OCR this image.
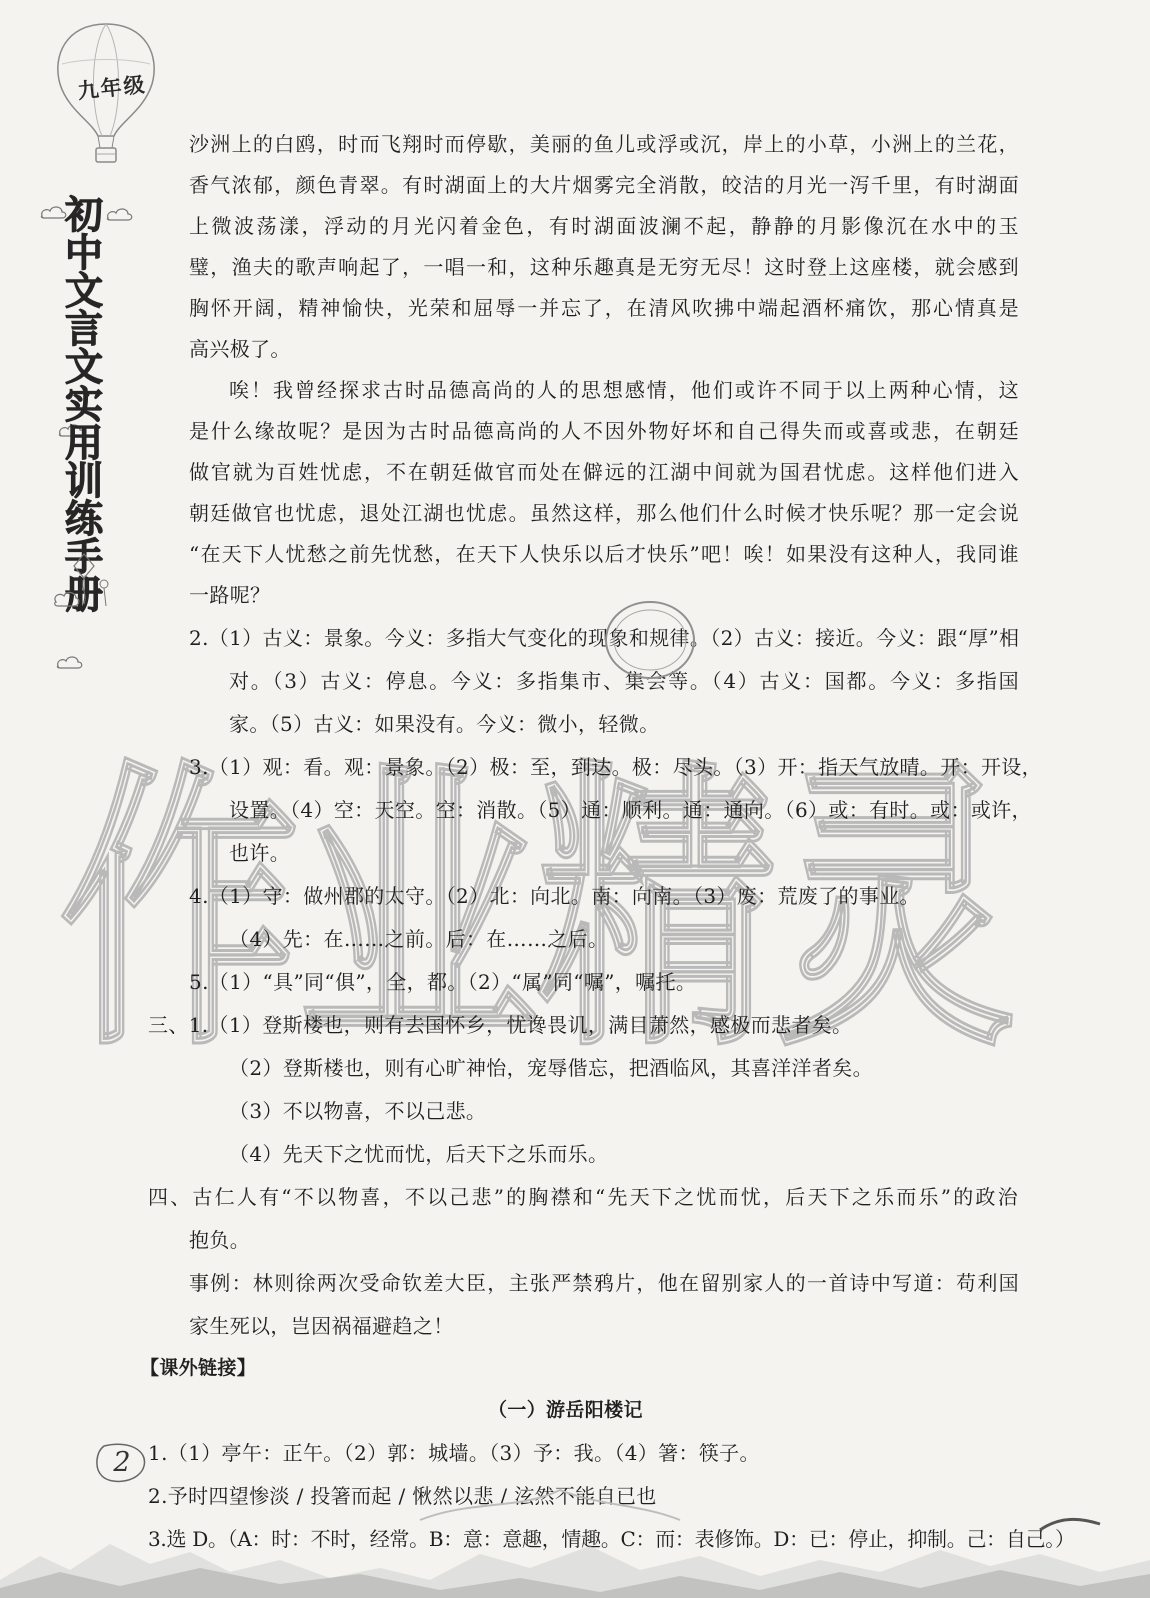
九年级
初
中
文
言
文
实
用
训
练
手
册
作业精灵
沙洲上的白鸥，时而飞翔时而停歇，美丽的鱼儿或浮或沉，岸上的小草，小洲上的兰花，
香气浓郁，颜色青翠。有时湖面上的大片烟雾完全消散，皎洁的月光一泻千里，有时湖面
上微波荡漾，浮动的月光闪着金色，有时湖面波澜不起，静静的月影像沉在水中的玉
璧，渔夫的歌声响起了，一唱一和，这种乐趣真是无穷无尽！这时登上这座楼，就会感到
胸怀开阔，精神愉快，光荣和屈辱一并忘了，在清风吹拂中端起酒杯痛饮，那心情真是
高兴极了。
唉！我曾经探求古时品德高尚的人的思想感情，他们或许不同于以上两种心情，这
是什么缘故呢？是因为古时品德高尚的人不因外物好坏和自己得失而或喜或悲，在朝廷
做官就为百姓忧虑，不在朝廷做官而处在僻远的江湖中间就为国君忧虑。这样他们进入
朝廷做官也忧虑，退处江湖也忧虑。虽然这样，那么他们什么时候才快乐呢？那一定会说
“在天下人忧愁之前先忧愁，在天下人快乐以后才快乐”吧！唉！如果没有这种人，我同谁
一路呢？
2.（1）古义：景象。今义：多指大气变化的现象和规律。（2）古义：接近。今义：跟“厚”相
对。（3）古义：停息。今义：多指集市、集会等。（4）古义：国都。今义：多指国
家。（5）古义：如果没有。今义：微小，轻微。
3.（1）观：看。观：景象。（2）极：至，到达。极：尽头。（3）开：指天气放晴。开：开设，
设置。（4）空：天空。空：消散。（5）通：顺利。通：通向。（6）或：有时。或：或许，
也许。
4.（1）守：做州郡的太守。（2）北：向北。南：向南。（3）废：荒废了的事业。
（4）先：在……之前。后：在……之后。
5.（1）“具”同“俱”，全，都。（2）“属”同“嘱”，嘱托。
三、1.（1）登斯楼也，则有去国怀乡，忧谗畏讥，满目萧然，感极而悲者矣。
（2）登斯楼也，则有心旷神怡，宠辱偕忘，把酒临风，其喜洋洋者矣。
（3）不以物喜，不以己悲。
（4）先天下之忧而忧，后天下之乐而乐。
四、古仁人有“不以物喜，不以己悲”的胸襟和“先天下之忧而忧，后天下之乐而乐”的政治
抱负。
事例：林则徐两次受命钦差大臣，主张严禁鸦片，他在留别家人的一首诗中写道：苟利国
家生死以，岂因祸福避趋之！
【课外链接】
（一）游岳阳楼记
1.（1）亭午：正午。（2）郭：城墙。（3）予：我。（4）箸：筷子。
2.予时四望惨淡 / 投箸而起 / 愀然以悲 / 泫然不能自已也
3.选 D。（A：时：不时，经常。B：意：意趣，情趣。C：而：表修饰。D：已：停止，抑制。己：自己。）
2
